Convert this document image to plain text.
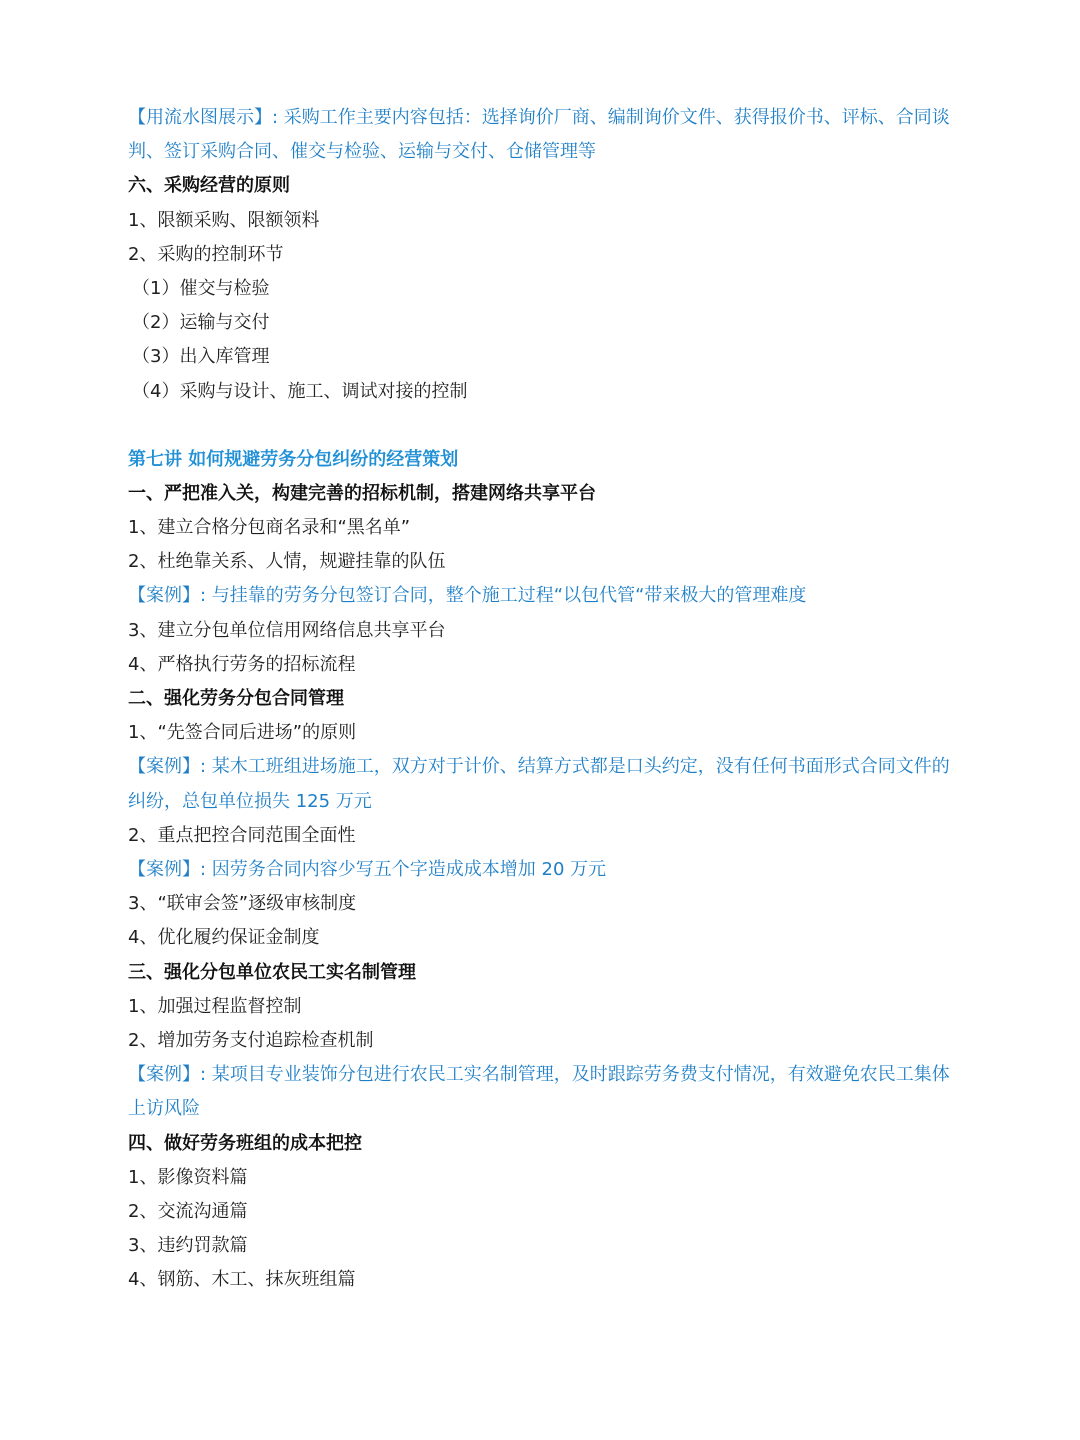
【用流水图展示】: 采购工作主要内容包括：选择询价厂商、编制询价文件、获得报价书、评标、合同谈判、签订采购合同、催交与检验、运输与交付、仓储管理等
六、采购经营的原则
1、限额采购、限额领料
2、采购的控制环节
（1）催交与检验
（2）运输与交付
（3）出入库管理
（4）采购与设计、施工、调试对接的控制
第七讲 如何规避劳务分包纠纷的经营策划
一、严把准入关，构建完善的招标机制，搭建网络共享平台
1、建立合格分包商名录和“黑名单”
2、杜绝靠关系、人情，规避挂靠的队伍
【案例】: 与挂靠的劳务分包签订合同，整个施工过程“以包代管“带来极大的管理难度
3、建立分包单位信用网络信息共享平台
4、严格执行劳务的招标流程
二、强化劳务分包合同管理
1、“先签合同后进场”的原则
【案例】: 某木工班组进场施工，双方对于计价、结算方式都是口头约定，没有任何书面形式合同文件的纠纷，总包单位损失 125 万元
2、重点把控合同范围全面性
【案例】: 因劳务合同内容少写五个字造成成本增加 20 万元
3、“联审会签”逐级审核制度
4、优化履约保证金制度
三、强化分包单位农民工实名制管理
1、加强过程监督控制
2、增加劳务支付追踪检查机制
【案例】: 某项目专业装饰分包进行农民工实名制管理，及时跟踪劳务费支付情况，有效避免农民工集体上访风险
四、做好劳务班组的成本把控
1、影像资料篇
2、交流沟通篇
3、违约罚款篇
4、钢筋、木工、抹灰班组篇
